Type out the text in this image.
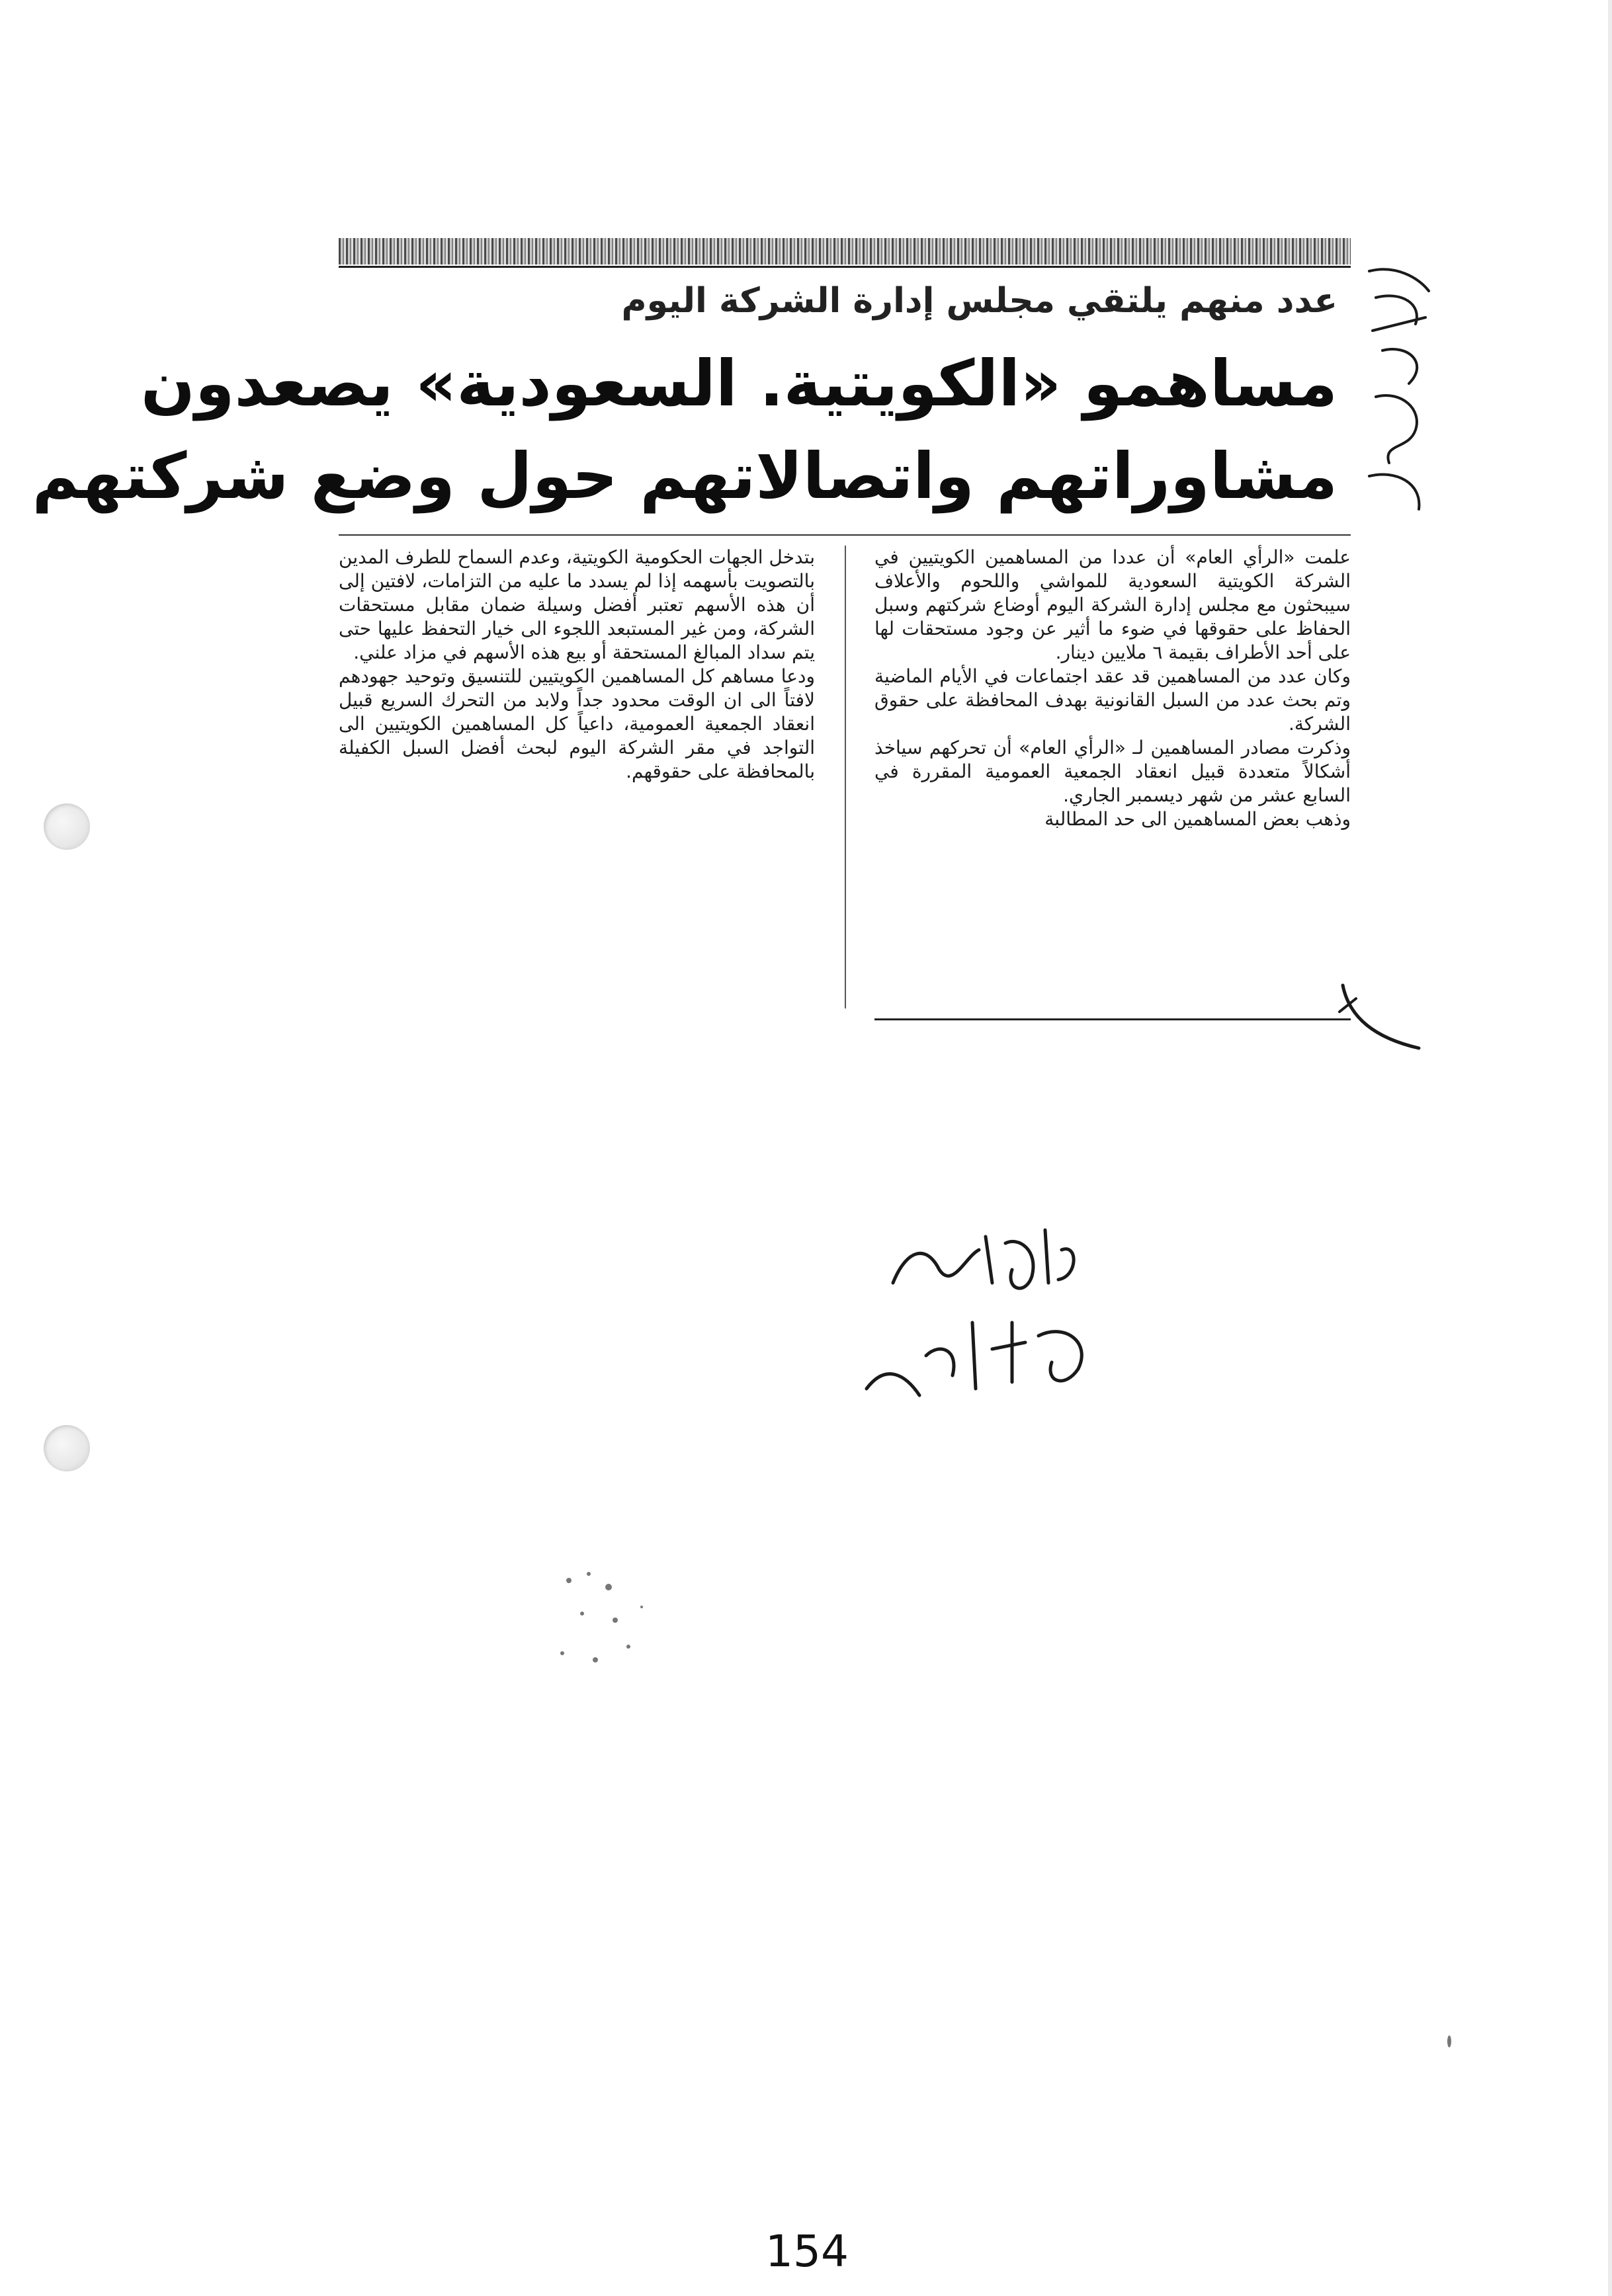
عدد منهم يلتقي مجلس إدارة الشركة اليوم
مساهمو «الكويتية. السعودية» يصعدون
مشاوراتهم واتصالاتهم حول وضع شركتهم

علمت «الرأي العام» أن عددا من المساهمين الكويتيين في الشركة الكويتية السعودية للمواشي واللحوم والأعلاف سيبحثون مع مجلس إدارة الشركة اليوم أوضاع شركتهم وسبل الحفاظ على حقوقها في ضوء ما أثير عن وجود مستحقات لها على أحد الأطراف بقيمة ٦ ملايين دينار.

وكان عدد من المساهمين قد عقد اجتماعات في الأيام الماضية وتم بحث عدد من السبل القانونية بهدف المحافظة على حقوق الشركة.

وذكرت مصادر المساهمين لـ «الرأي العام» أن تحركهم سياخذ أشكالاً متعددة قبيل انعقاد الجمعية العمومية المقررة في السابع عشر من شهر ديسمبر الجاري.

وذهب بعض المساهمين الى حد المطالبة

بتدخل الجهات الحكومية الكويتية، وعدم السماح للطرف المدين بالتصويت بأسهمه إذا لم يسدد ما عليه من التزامات، لافتين إلى أن هذه الأسهم تعتبر أفضل وسيلة ضمان مقابل مستحقات الشركة، ومن غير المستبعد اللجوء الى خيار التحفظ عليها حتى يتم سداد المبالغ المستحقة أو بيع هذه الأسهم في مزاد علني.

ودعا مساهم كل المساهمين الكويتيين للتنسيق وتوحيد جهودهم لافتاً الى ان الوقت محدود جداً ولابد من التحرك السريع قبيل انعقاد الجمعية العمومية، داعياً كل المساهمين الكويتيين الى التواجد في مقر الشركة اليوم لبحث أفضل السبل الكفيلة بالمحافظة على حقوقهم.

154
